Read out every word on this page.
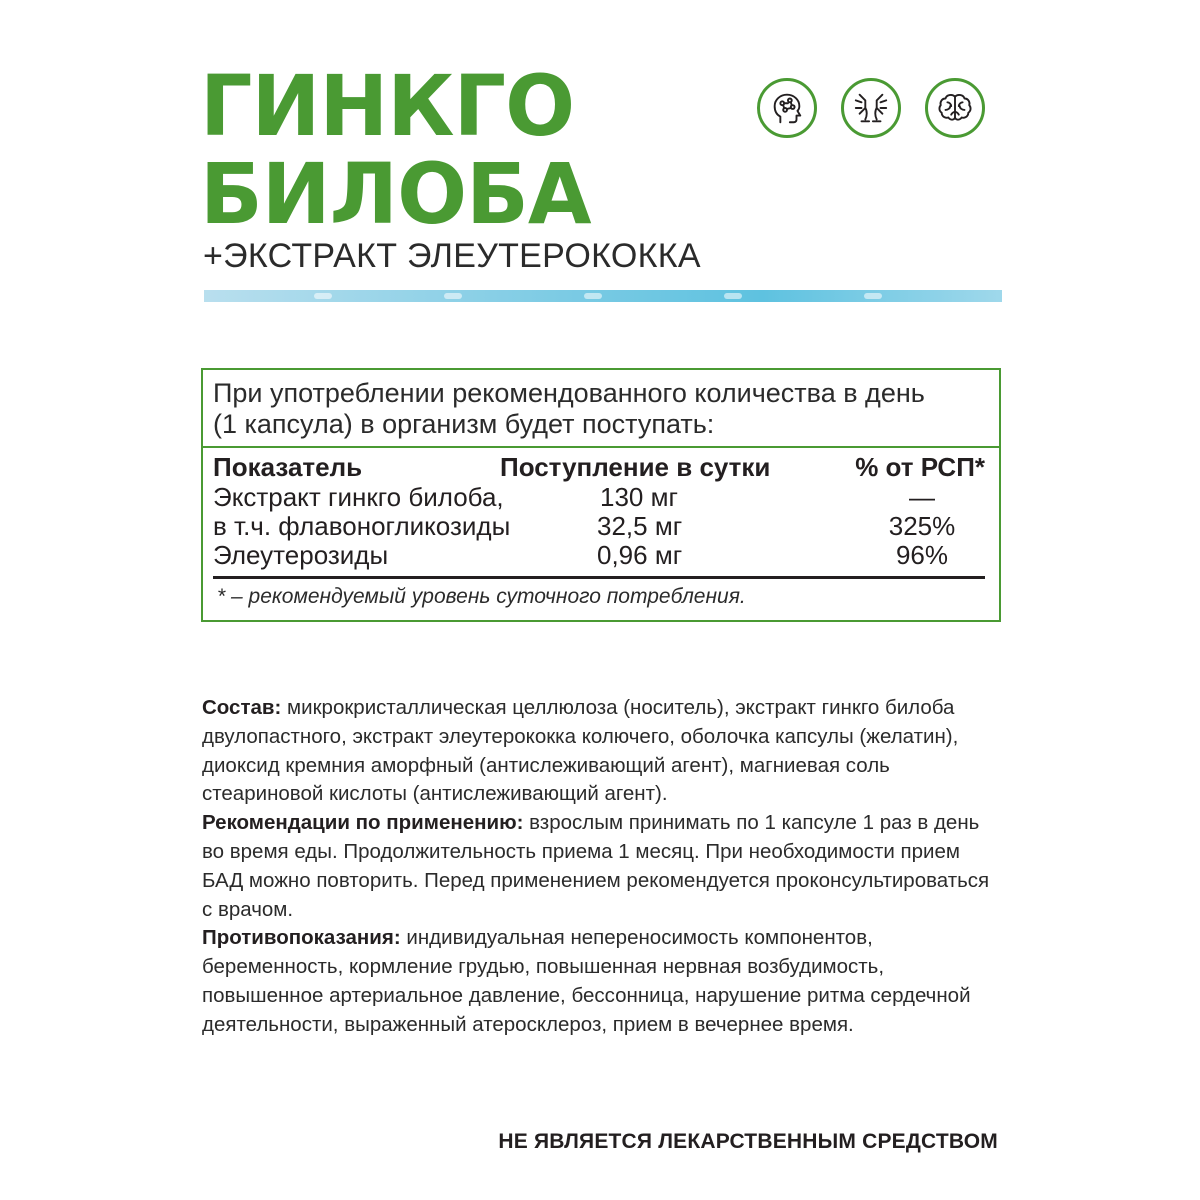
ГИНКГО
БИЛОБА
+ЭКСТРАКТ ЭЛЕУТЕРОКОККА
При употреблении рекомендованного количества в день
(1 капсула) в организм будет поступать:
Показатель	Поступление в сутки	% от РСП*
Экстракт гинкго билоба,	130 мг	—
в т.ч. флавоногликозиды	32,5 мг	325%
Элеутерозиды	0,96 мг	96%
* – рекомендуемый уровень суточного потребления.
Состав: микрокристаллическая целлюлоза (носитель), экстракт гинкго билоба двулопастного, экстракт элеутерококка колючего, оболочка капсулы (желатин), диоксид кремния аморфный (антислеживающий агент), магниевая соль стеариновой кислоты (антислеживающий агент).
Рекомендации по применению: взрослым принимать по 1 капсуле 1 раз в день во время еды. Продолжительность приема 1 месяц. При необходимости прием БАД можно повторить. Перед применением рекомендуется проконсультироваться с врачом.
Противопоказания: индивидуальная непереносимость компонентов, беременность, кормление грудью, повышенная нервная возбудимость, повышенное артериальное давление, бессонница, нарушение ритма сердечной деятельности, выраженный атеросклероз, прием в вечернее время.
НЕ ЯВЛЯЕТСЯ ЛЕКАРСТВЕННЫМ СРЕДСТВОМ
